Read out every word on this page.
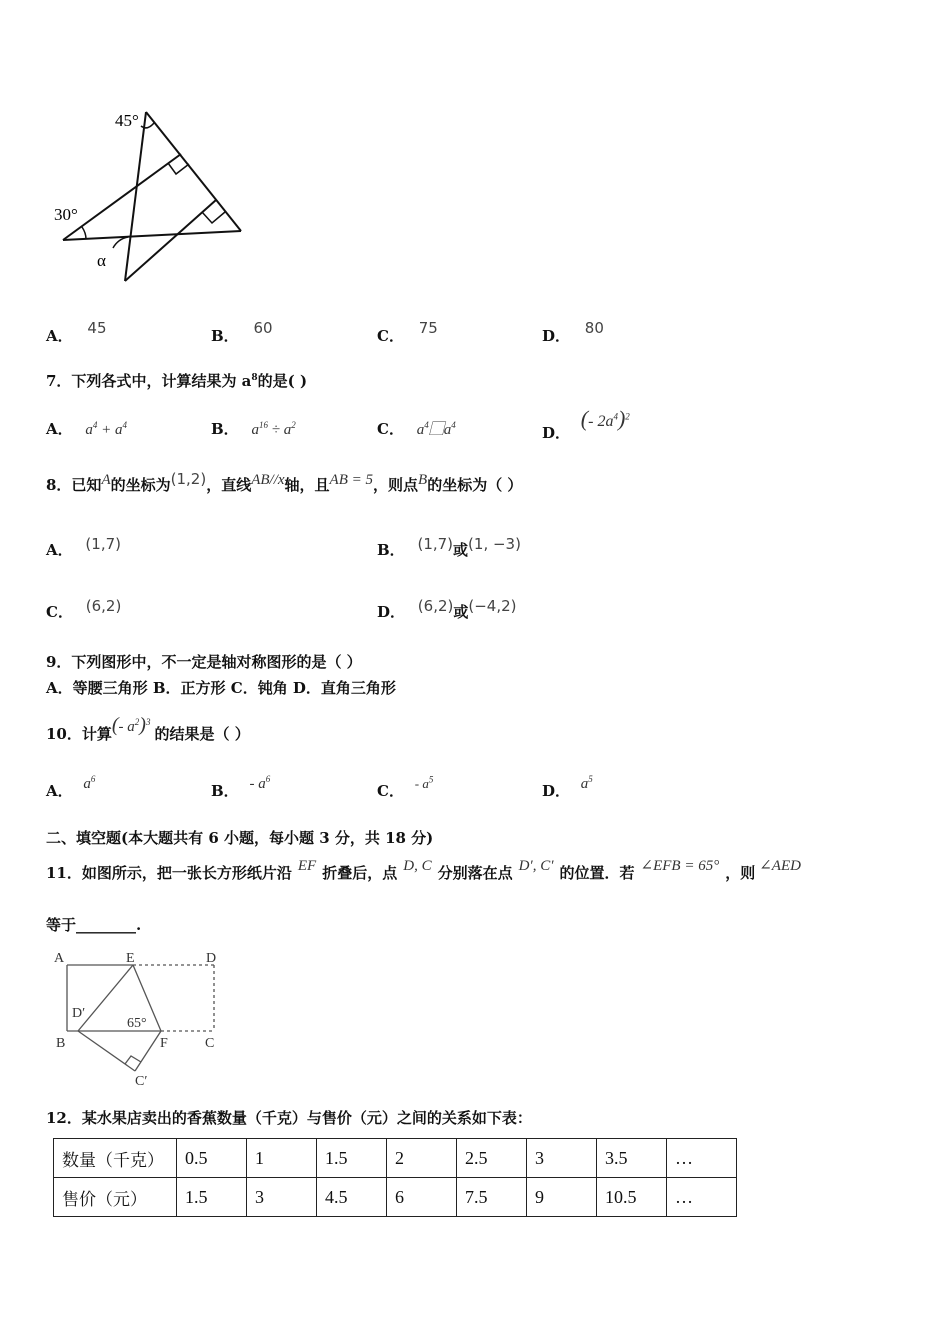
45°
30°
α
A． 45	B． 60	C． 75	D． 80
7．下列各式中，计算结果为 $a^8$的是( )
A． $a^4 + a^4$	B． $a^{16} \div a^2$	C． $a^4⃞a^4$	D． (- $2a^4)^2$
8．已知A的坐标为(1,2)，直线AB//x轴，且AB = 5，则点B的坐标为（ ）
A． (1,7)	B． (1,7)或(1, −3)
C． (6,2)	D． (6,2)或(−4,2)
9．下列图形中，不一定是轴对称图形的是（ ）
A．等腰三角形 B．正方形 C．钝角 D．直角三角形
10．计算(- $a^2)^3$的结果是（ ）
A． $a^6$
B． - $a^6$
C． - $a^5$
D． $a^5$
二、填空题(本大题共有 6 小题，每小题 3 分，共 18 分)
11．如图所示，把一张长方形纸片沿 EF 折叠后，点 D, C 分别落在点 D′, C′ 的位置．若 ∠EFB = 65° ，则 ∠AED
等于________.
A	E	D
D′
65°
B	F	C
C′
12．某水果店卖出的香蕉数量（千克）与售价（元）之间的关系如下表：
数量（千克）	0.5	1	1.5	2	2.5	3	3.5	…
售价（元）	1.5	3	4.5	6	7.5	9	10.5	…
